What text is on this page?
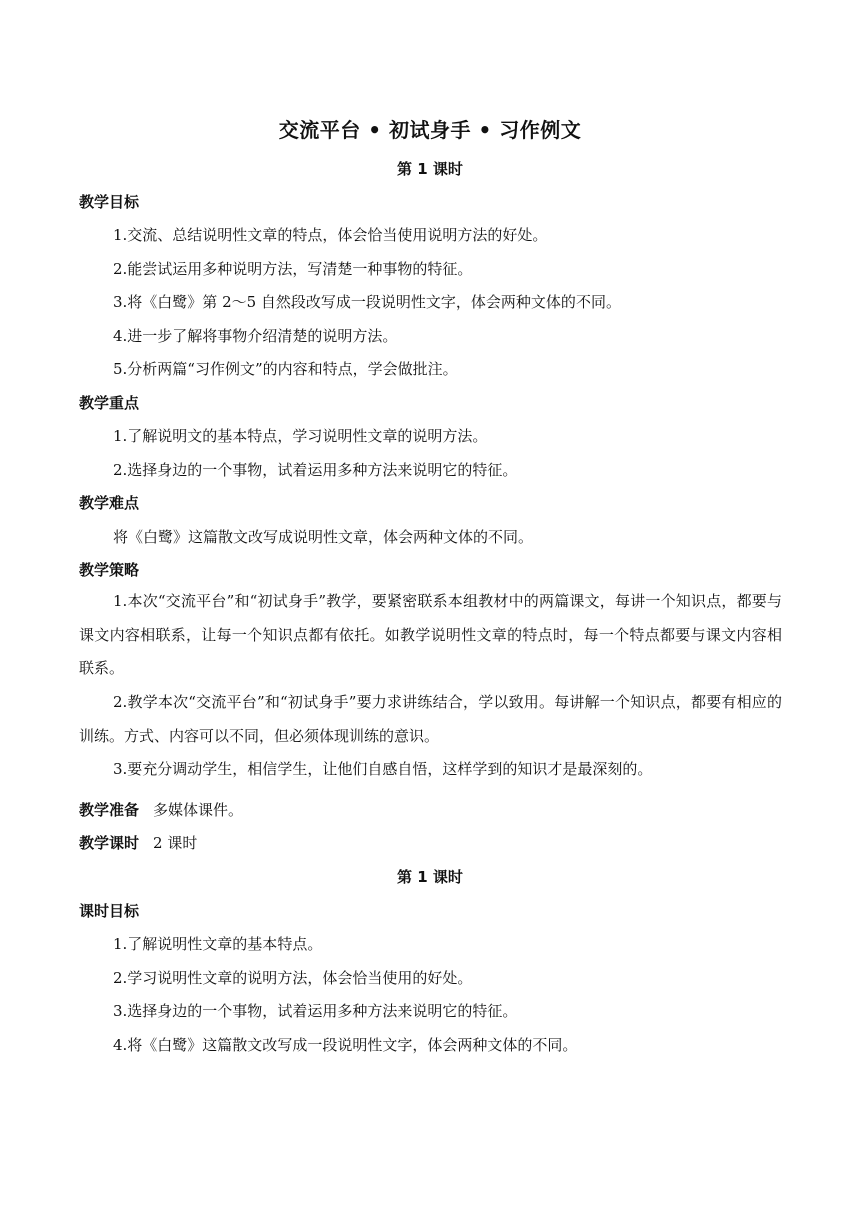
交流平台 • 初试身手 • 习作例文
第 1 课时
教学目标
1.交流、总结说明性文章的特点，体会恰当使用说明方法的好处。
2.能尝试运用多种说明方法，写清楚一种事物的特征。
3.将《白鹭》第 2～5 自然段改写成一段说明性文字，体会两种文体的不同。
4.进一步了解将事物介绍清楚的说明方法。
5.分析两篇“习作例文”的内容和特点，学会做批注。
教学重点
1.了解说明文的基本特点，学习说明性文章的说明方法。
2.选择身边的一个事物，试着运用多种方法来说明它的特征。
教学难点
将《白鹭》这篇散文改写成说明性文章，体会两种文体的不同。
教学策略
1.本次“交流平台”和“初试身手”教学，要紧密联系本组教材中的两篇课文，每讲一个知识点，都要与课文内容相联系，让每一个知识点都有依托。如教学说明性文章的特点时，每一个特点都要与课文内容相联系。
2.教学本次“交流平台”和“初试身手”要力求讲练结合，学以致用。每讲解一个知识点，都要有相应的训练。方式、内容可以不同，但必须体现训练的意识。
3.要充分调动学生，相信学生，让他们自感自悟，这样学到的知识才是最深刻的。
教学准备 多媒体课件。
教学课时 2 课时
第 1 课时
课时目标
1.了解说明性文章的基本特点。
2.学习说明性文章的说明方法，体会恰当使用的好处。
3.选择身边的一个事物，试着运用多种方法来说明它的特征。
4.将《白鹭》这篇散文改写成一段说明性文字，体会两种文体的不同。
